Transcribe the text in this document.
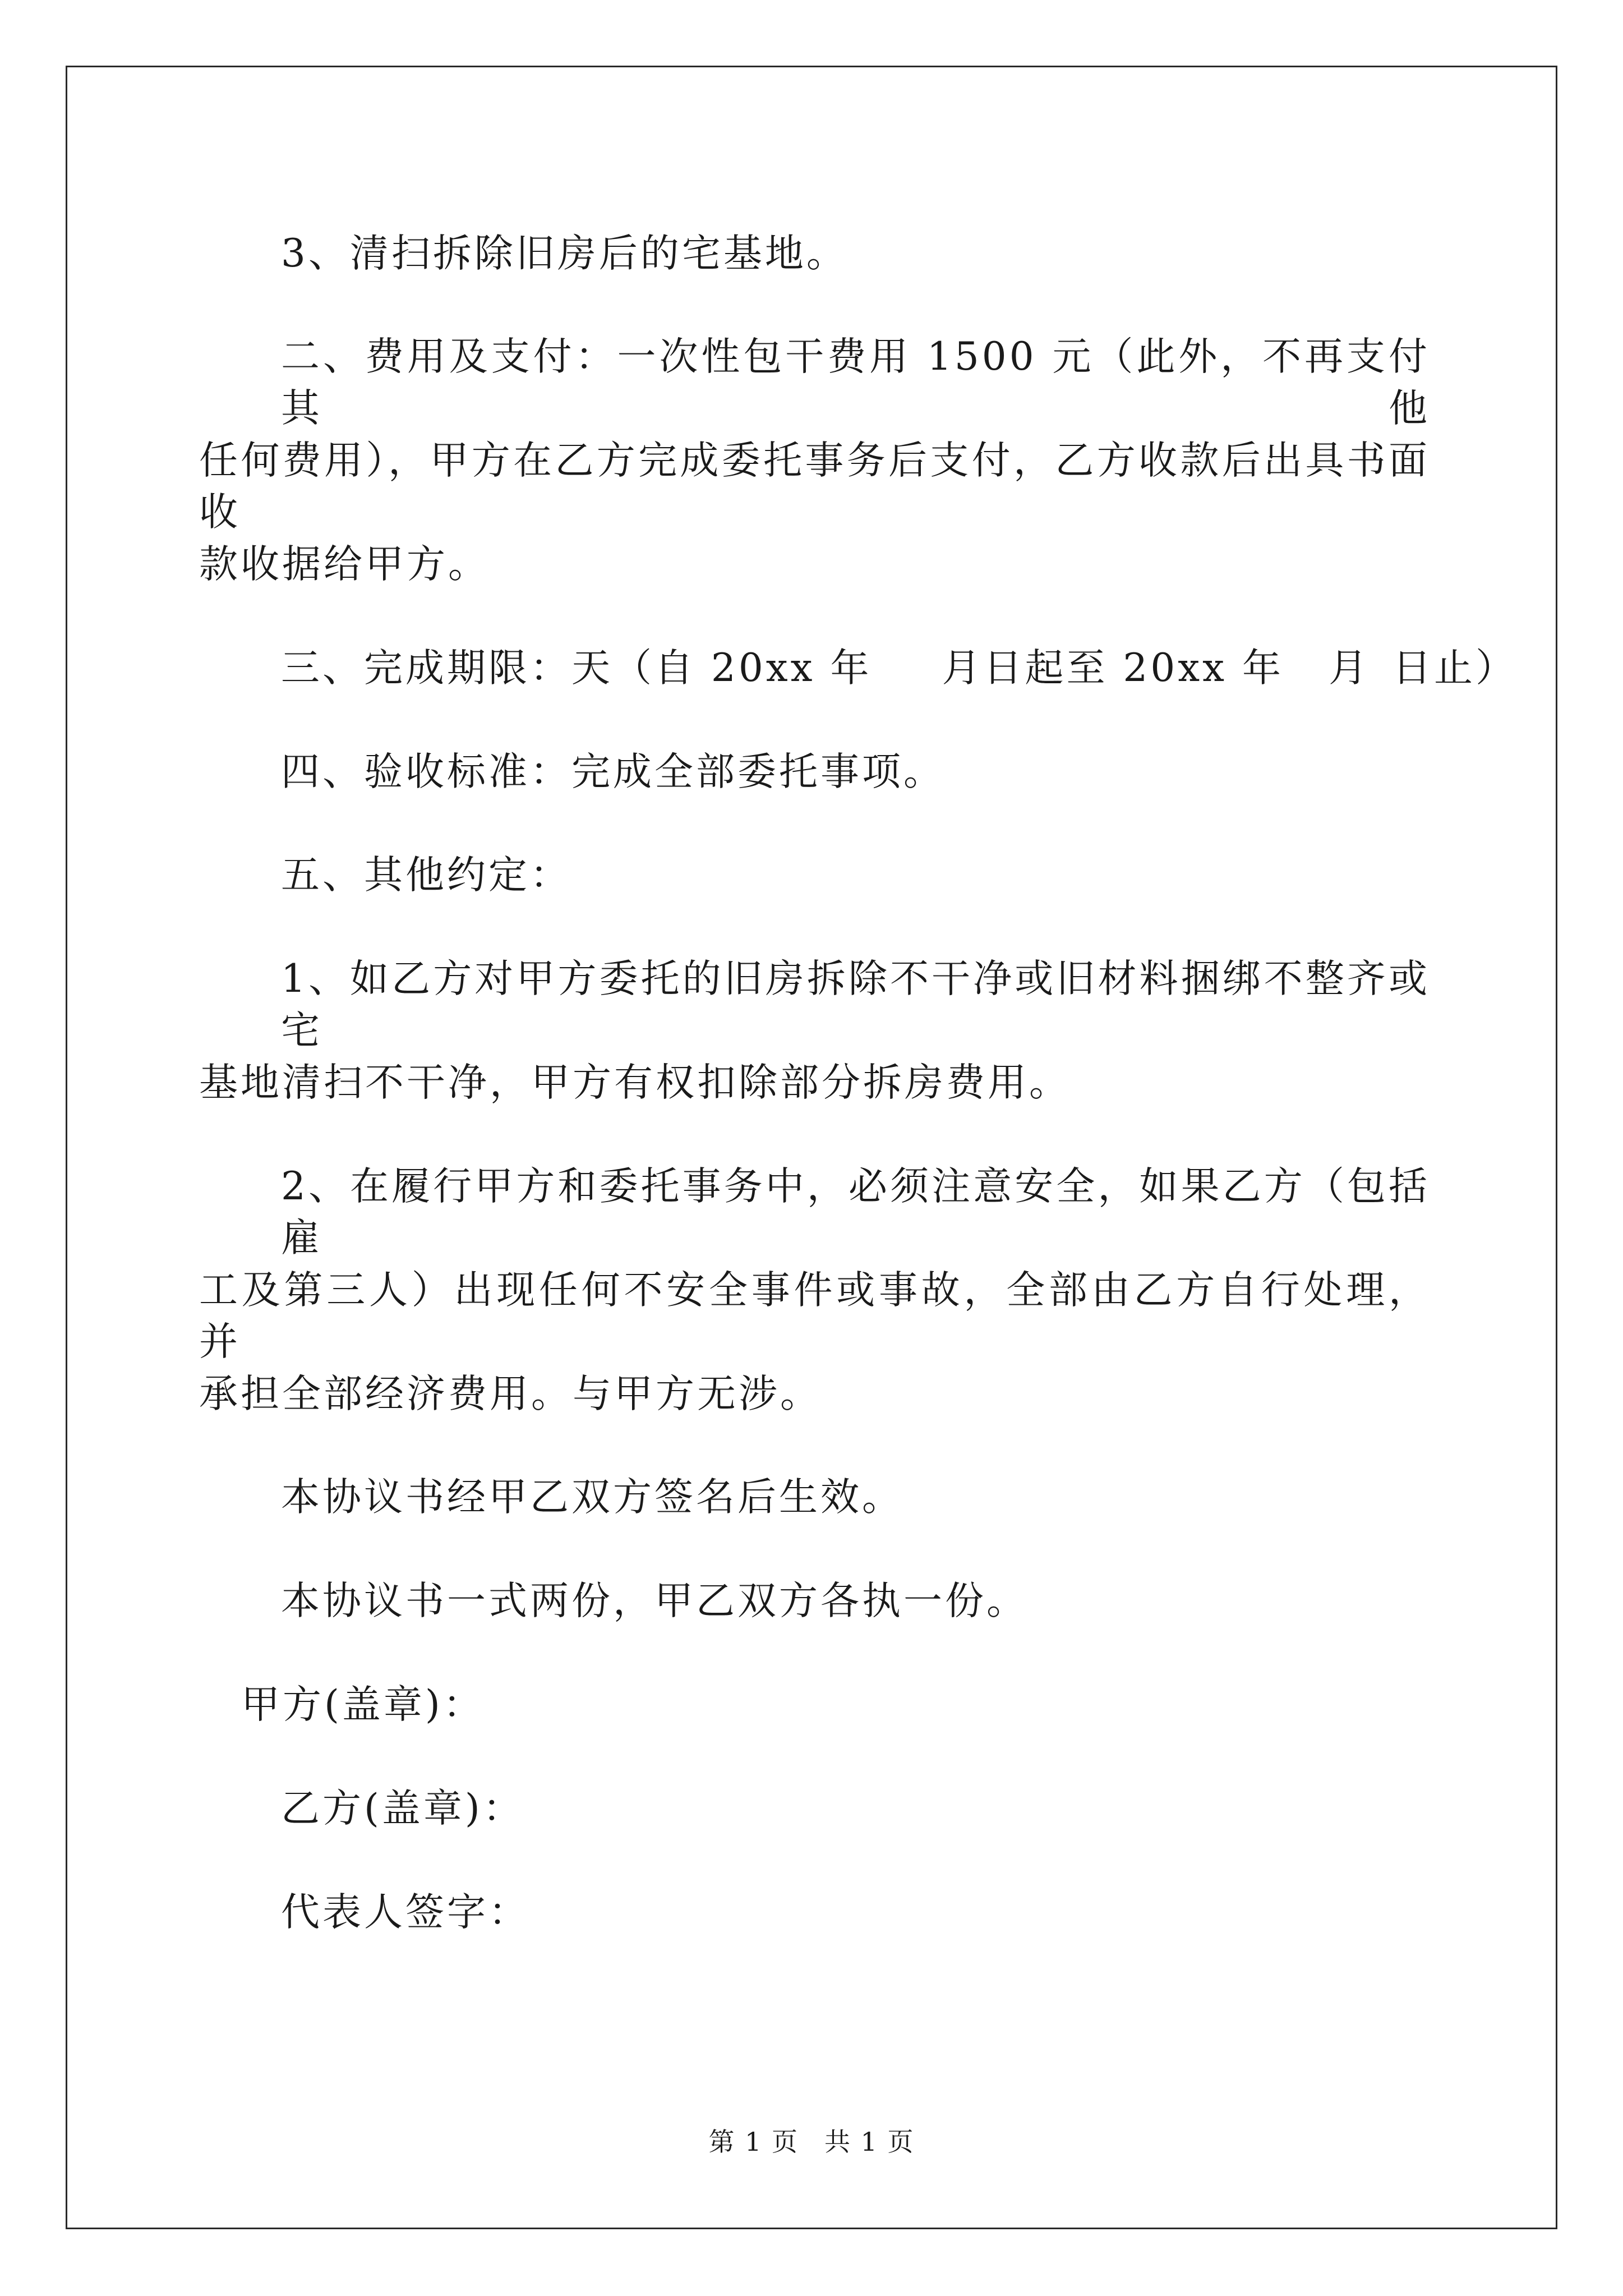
3、清扫拆除旧房后的宅基地。
二、费用及支付：一次性包干费用 1500 元（此外，不再支付其他
任何费用），甲方在乙方完成委托事务后支付，乙方收款后出具书面收
款收据给甲方。
三、完成期限：天（自 20xx 年 月日起至 20xx 年 月 日止）
四、验收标准：完成全部委托事项。
五、其他约定：
1、如乙方对甲方委托的旧房拆除不干净或旧材料捆绑不整齐或宅
基地清扫不干净，甲方有权扣除部分拆房费用。
2、在履行甲方和委托事务中，必须注意安全，如果乙方（包括雇
工及第三人）出现任何不安全事件或事故，全部由乙方自行处理，并
承担全部经济费用。与甲方无涉。
本协议书经甲乙双方签名后生效。
本协议书一式两份，甲乙双方各执一份。
甲方(盖章)：
乙方(盖章)：
代表人签字：
第 1 页 共 1 页
